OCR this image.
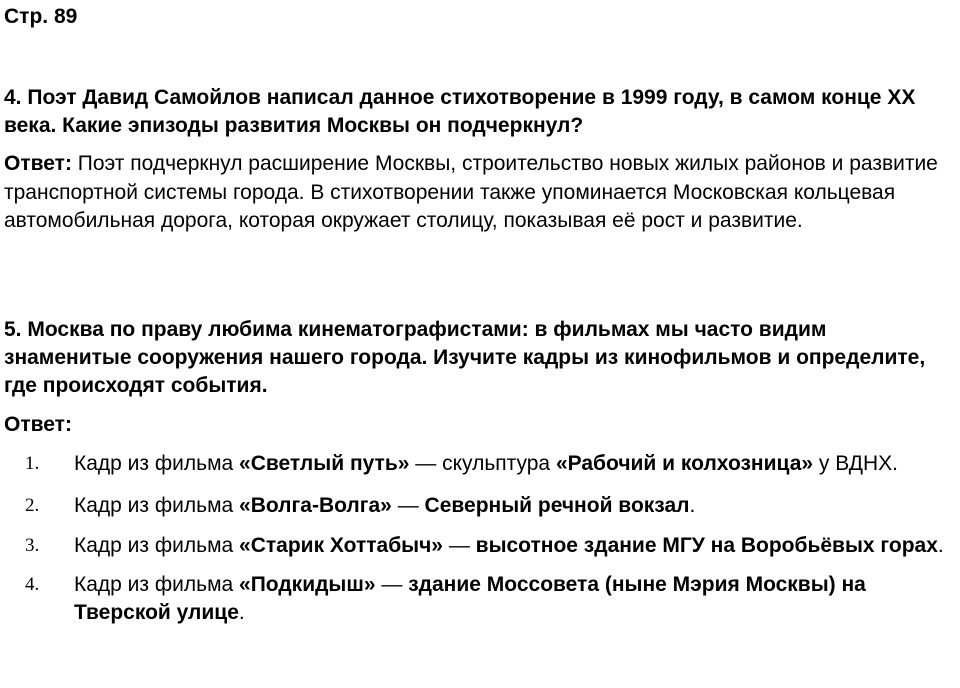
Стр. 89
4. Поэт Давид Самойлов написал данное стихотворение в 1999 году, в самом конце XX века. Какие эпизоды развития Москвы он подчеркнул?
Ответ: Поэт подчеркнул расширение Москвы, строительство новых жилых районов и развитие транспортной системы города. В стихотворении также упоминается Московская кольцевая автомобильная дорога, которая окружает столицу, показывая её рост и развитие.
5. Москва по праву любима кинематографистами: в фильмах мы часто видим знаменитые сооружения нашего города. Изучите кадры из кинофильмов и определите, где происходят события.
Ответ:
1. Кадр из фильма «Светлый путь» — скульптура «Рабочий и колхозница» у ВДНХ.
2. Кадр из фильма «Волга-Волга» — Северный речной вокзал.
3. Кадр из фильма «Старик Хоттабыч» — высотное здание МГУ на Воробьёвых горах.
4. Кадр из фильма «Подкидыш» — здание Моссовета (ныне Мэрия Москвы) на Тверской улице.
